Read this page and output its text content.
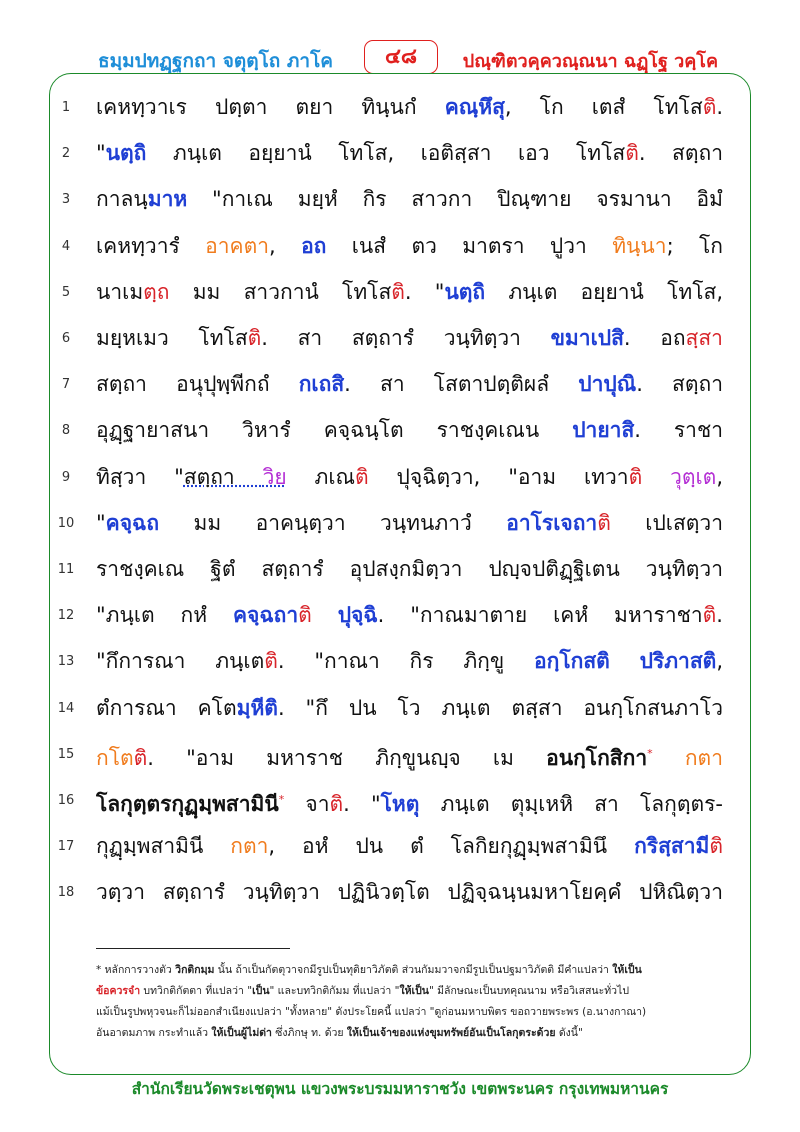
ธมฺมปทฏฺฐกถา จตุตฺโถ ภาโค	๔๘	ปณฺฑิตวคฺควณฺณนา ฉฏฺโฐ วคฺโค
1	เคหทฺวาเร ปตฺตา ตยา ทินฺนกํ คณฺหึสุ, โก เตสํ โทโสติ.
2	"นตฺถิ ภนฺเต อยฺยานํ โทโส, เอติสฺสา เอว โทโสติ. สตฺถา
3	กาลนฺมาห "กาเณ มยฺหํ กิร สาวกา ปิณฺฑาย จรมานา อิมํ
4	เคหทฺวารํ อาคตา, อถ เนสํ ตว มาตรา ปูวา ทินฺนา; โก
5	นาเมตฺถ มม สาวกานํ โทโสติ. "นตฺถิ ภนฺเต อยฺยานํ โทโส,
6	มยฺหเมว โทโสติ. สา สตฺถารํ วนฺทิตฺวา ขมาเปสิ. อถสฺสา
7	สตฺถา อนุปุพฺพีกถํ กเถสิ. สา โสตาปตฺติผลํ ปาปุณิ. สตฺถา
8	อุฏฺฐายาสนา วิหารํ คจฺฉนฺโต ราชงฺคเณน ปายาสิ. ราชา
9	ทิสฺวา "สตฺถา วิย ภเณติ ปุจฺฉิตฺวา, "อาม เทวาติ วุตฺเต,
10	"คจฺฉถ มม อาคนฺตฺวา วนฺทนภาวํ อาโรเจถาติ เปเสตฺวา
11	ราชงฺคเณ ฐิตํ สตฺถารํ อุปสงฺกมิตฺวา ปญฺจปติฏฺฐิเตน วนฺทิตฺวา
12	"ภนฺเต กหํ คจฺฉถาติ ปุจฺฉิ. "กาณมาตาย เคหํ มหาราชาติ.
13	"กึการณา ภนฺเตติ. "กาณา กิร ภิกฺขู อกฺโกสติ ปริภาสติ,
14	ตํการณา คโตมฺหีติ. "กึ ปน โว ภนฺเต ตสฺสา อนกฺโกสนภาโว
15	กโตติ. "อาม มหาราช ภิกฺขูนญฺจ เม อนกฺโกสิกา* กตา
16	โลกุตฺตรกุฏฺมฺพสามินี* จาติ. "โหตุ ภนฺเต ตุมฺเหหิ สา โลกุตฺตร-
17	กุฏฺมฺพสามินี กตา, อหํ ปน ตํ โลกิยกุฏฺมฺพสามินึ กริสฺสามีติ
18	วตฺวา สตฺถารํ วนฺทิตฺวา ปฏินิวตฺโต ปฏิจฺฉนฺนมหาโยคฺคํ ปหิณิตฺวา
* หลักการวางตัว วิกติกมฺม นั้น ถ้าเป็นกัตตุวาจกมีรูปเป็นทุติยาวิภัตติ ส่วนกัมมวาจกมีรูปเป็นปฐมาวิภัตติ มีคำแปลว่า ให้เป็น
ข้อควรจำ บทวิกติกัตตา ที่แปลว่า "เป็น" และบทวิกติกัมม ที่แปลว่า "ให้เป็น" มีลักษณะเป็นบทคุณนาม หรือวิเสสนะทั่วไป
แม้เป็นรูปพหุวจนะก็ไม่ออกสำเนียงแปลว่า "ทั้งหลาย" ดังประโยคนี้ แปลว่า "ดูก่อนมหาบพิตร ขอถวายพระพร (อ.นางกาณา)
อันอาตมภาพ กระทำแล้ว ให้เป็นผู้ไม่ด่า ซึ่งภิกษุ ท. ด้วย ให้เป็นเจ้าของแห่งขุมทรัพย์อันเป็นโลกุตระด้วย ดังนี้"
สำนักเรียนวัดพระเชตุพน แขวงพระบรมมหาราชวัง เขตพระนคร กรุงเทพมหานคร
